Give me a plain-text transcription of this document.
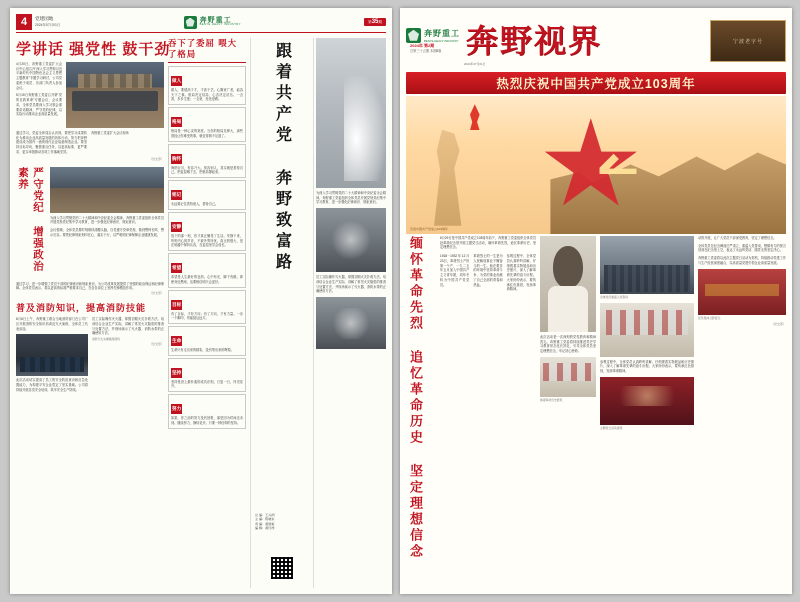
4	党建园地
2024年07月01日
奔野重工
BENYE HEAVY INDUSTRY
第35期
学讲话 强党性 鼓干劲
4月20日，奔野重工党委扩大会议中心组召开“深入学习贯彻习近平新时代中国特色社会主义思想主题教育”专题学习研讨，公司党委班子成员、各部门负责人参加会议。
5月15日奔野重工党委召开第“党的自我革命”专题会议，会议要求，全体党员要深入学习领会重要讲话精神，严守党的纪律，以实际行动推动企业高质量发展。
通过学习，党委全体同志认识到，要把学习成果转化为推动企业高质量发展的具体行动，努力把奔野建设成为国内一流的现代农业装备制造企业。要坚持目标导向，聚焦重点任务，以更高标准、更严要求、更实举措推动各项工作落地见效。
奔野重工党委扩大会议现场
（党支部）
严守党纪 增强政治素养
为深入学习贯彻党的二十大精神和中央纪委全会精神，奔野重工党委组织全体党员开展党规党纪集中学习教育，进一步强化纪律意识、规矩意识。
会议强调，全体党员要时刻保持清醒头脑，自觉遵守党章党规，做到警钟长鸣、警示长存。要把纪律规矩刻印在心、落实于行，以严明的纪律保障企业健康发展。
通过学习，进一步增强了党员干部的纪律意识和规矩意识，为公司改革发展提供了坚强的政治保证和纪律保障。全体党员表示，将以更高的标准严格要求自己，在各自岗位上发挥先锋模范作用。
（党支部）
普及消防知识，提高消防技能
6月6日上午，奔野重工联合当地消防部门在公司厂区开展消防安全知识培训及灭火演练，全体员工代表参加。
此次活动切实提高了员工的安全防范意识和应急处置能力，为构建平安企业奠定了坚实基础。公司将持续开展各类安全培训，筑牢安全生产防线。
员工实际操作灭火器，掌握初期火灾扑救方法。培训结合企业生产实际，讲解了常见火灾隐患的排查与处置方法，并现场演示了灭火器、消防水带的正确使用方法。
消防灭火实操演练现场
（党支部）
吞下了委屈 喂大了格局
做人
做人，要德高于才，才高于艺。心胸宽广者，能容天下之事。格局决定结局，心态决定状态。一念善，步步生莲；一念宽，处处是路。
格局
格局是一种心灵的宽度。当你的格局足够大，那些曾经让你难受的事，就变得微不足道了。
胸怀
海纳百川，有容乃大。宽容别人，其实就是善待自己。把委屈咽下去，把格局撑起来。
铭记
永远要记住善待他人，善待自己。
安静
放下的那一刻，你才真正懂得了生活。安静下来，听听内心的声音，不被外界所扰。真正的强大，是在喧嚣中保持从容，在委屈里学会成长。
希望
希望是人生最好的良药。心中有光，脚下有路。即使身处黑暗，也要相信明天会更好。
目标
有了目标，才有方向；有了方向，才有力量。一步一个脚印，终能抵达远方。
生命
生命只有走出来的精彩，没有等出来的辉煌。
坚持
坚持是世上最朴素的成功法则，日复一日，终见花开。
努力
如果，你之前的努力没有回报，那是因为时间还未到。继续努力，静待花开。只要一种信仰的坚持。
跟着共产党 奔野致富路
总 编：王兴洲
主 编：陈晓东
责 编：黄国栋
编 辑：黄玲珍
为深入学习贯彻党的二十大精神和中央纪委全会精神，奔野重工党委组织全体党员开展党规党纪集中学习教育，进一步强化纪律意识、规矩意识。
员工实际操作灭火器，掌握初期火灾扑救方法。培训结合企业生产实际，讲解了常见火灾隐患的排查与处置方法，并现场演示了灭火器、消防水带的正确使用方法。
奔野重工
BENYE HEAVY INDUSTRY
2024年 第2期
总第三十五期 本期8版 奔野视界
2024年07月01日
宁波老字号
热烈庆祝中国共产党成立103周年
庆祝中国共产党成立103周年
缅怀革命先烈 追忆革命历史 坚定理想信念	6月29日是中国共产党成立103周年前夕，奔野重工党委组织全体党员赴革命纪念馆开展主题党日活动，缅怀革命先烈，追忆革命历史，坚定理想信念。
1918－1932年12月23日，革命烈士产世第一个产，一九二五年五月加入中国共产主义青年团，同年冬转为中国共产党党员。
革命烈士的一生是为人民解放事业不懈奋斗的一生。他在艰苦的环境中坚持革命斗争，为党的事业贡献了自己全部的青春和热血。
参观过程中，全体党员认真聆听讲解，仔细观看实物展品和历史照片，深入了解革命先辈的奋斗历程。大家纷纷表示，要传承红色基因，发扬革命精神。
此次活动是一次深刻的党性教育和精神洗礼。奔野重工党委将持续推进党史学习教育常态化长效化，引导全体党员坚定理想信念，牢记初心使命。
参观革命历史展览
全体党员重温入党誓词
参观过程中，全体党员认真聆听讲解，仔细观看实物展品和历史照片，深入了解革命先辈的奋斗历程。大家纷纷表示，要传承红色基因，发扬革命精神。
主题党日活动现场
动的开展，让广大党员干部深受教育，坚定了理想信念。
全体党员在纪念碑前庄严肃立，重温入党誓词，铿锵有力的誓言回荡在纪念馆上空，表达了永远听党话、跟党走的坚定决心。
奔野重工党委将以此次主题党日活动为契机，持续推动党建工作与生产经营深度融合，以高质量党建引领企业高质量发展。
党员集体合影留念
（党支部）
